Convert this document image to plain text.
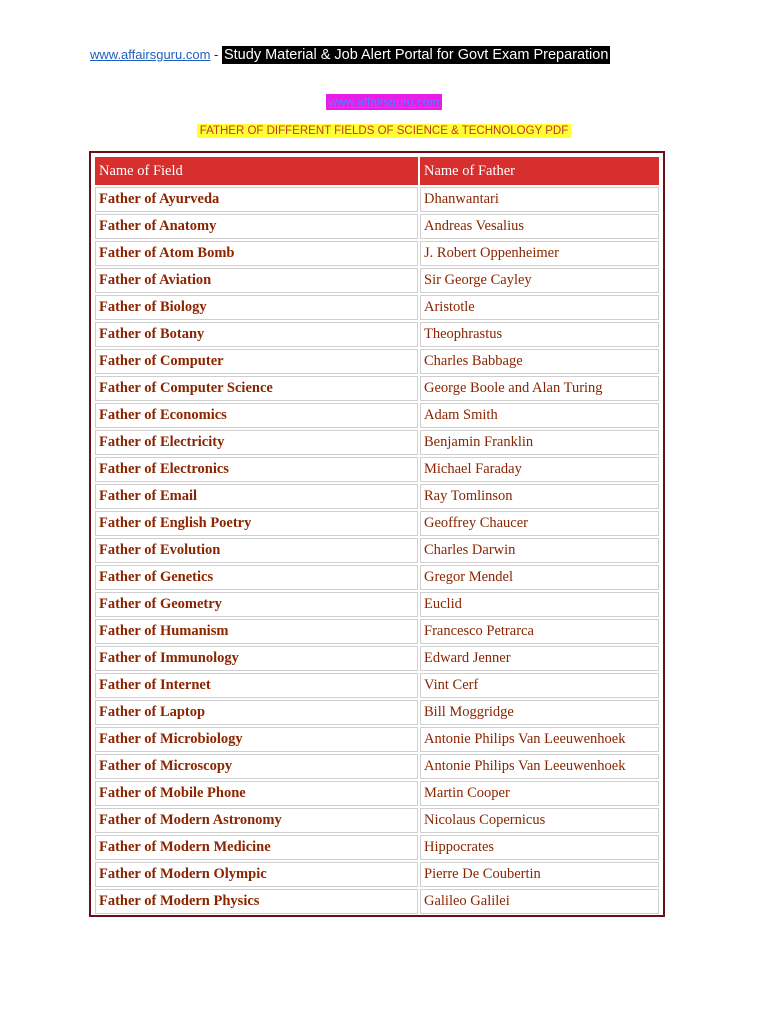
www.affairsguru.com - Study Material & Job Alert Portal for Govt Exam Preparation
www.affairsguru.com
FATHER OF DIFFERENT FIELDS OF SCIENCE & TECHNOLOGY PDF
Name of Field	Name of Father
Father of Ayurveda	Dhanwantari
Father of Anatomy	Andreas Vesalius
Father of Atom Bomb	J. Robert Oppenheimer
Father of Aviation	Sir George Cayley
Father of Biology	Aristotle
Father of Botany	Theophrastus
Father of Computer	Charles Babbage
Father of Computer Science	George Boole and Alan Turing
Father of Economics	Adam Smith
Father of Electricity	Benjamin Franklin
Father of Electronics	Michael Faraday
Father of Email	Ray Tomlinson
Father of English Poetry	Geoffrey Chaucer
Father of Evolution	Charles Darwin
Father of Genetics	Gregor Mendel
Father of Geometry	Euclid
Father of Humanism	Francesco Petrarca
Father of Immunology	Edward Jenner
Father of Internet	Vint Cerf
Father of Laptop	Bill Moggridge
Father of Microbiology	Antonie Philips Van Leeuwenhoek
Father of Microscopy	Antonie Philips Van Leeuwenhoek
Father of Mobile Phone	Martin Cooper
Father of Modern Astronomy	Nicolaus Copernicus
Father of Modern Medicine	Hippocrates
Father of Modern Olympic	Pierre De Coubertin
Father of Modern Physics	Galileo Galilei
